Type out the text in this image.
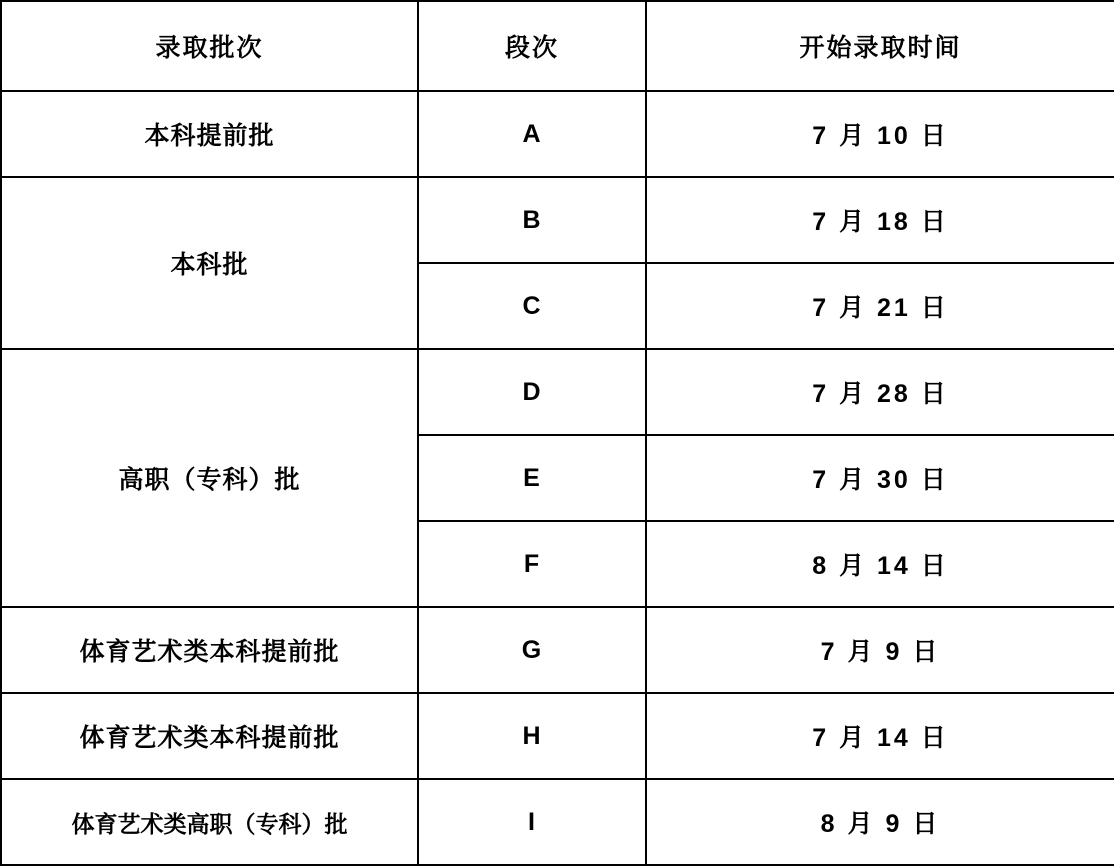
录取批次	段次	开始录取时间
本科提前批	A	7 月 10 日
本科批	B	7 月 18 日
	C	7 月 21 日
高职（专科）批	D	7 月 28 日
	E	7 月 30 日
	F	8 月 14 日
体育艺术类本科提前批	G	7 月 9 日
体育艺术类本科提前批	H	7 月 14 日
体育艺术类高职（专科）批	I	8 月 9 日
